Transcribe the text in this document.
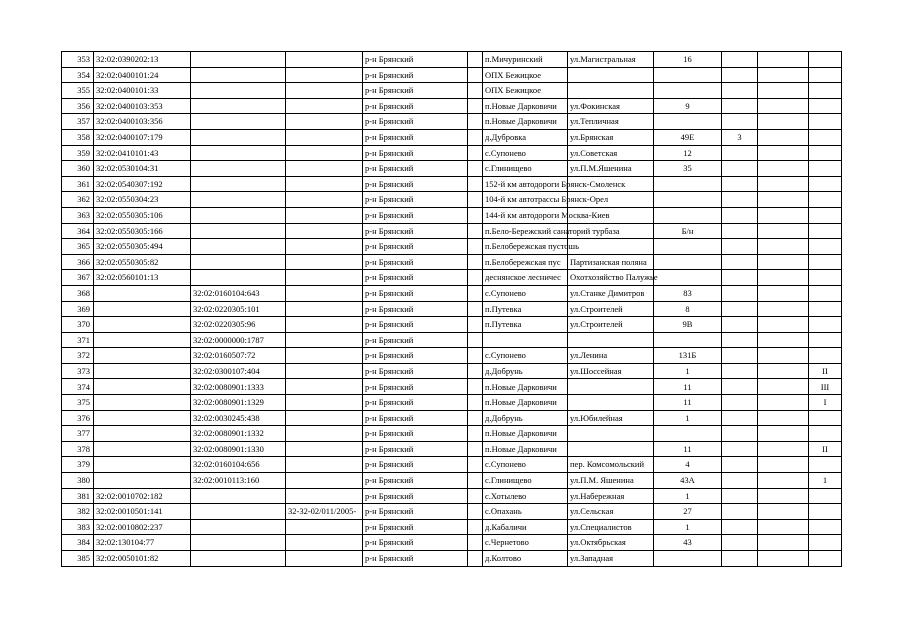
353	32:02:0390202:13			р-н Брянский		п.Мичуринский	ул.Магистральная	16			
354	32:02:0400101:24			р-н Брянский		ОПХ Бежицкое					
355	32:02:0400101:33			р-н Брянский		ОПХ Бежицкое					
356	32:02:0400103:353			р-н Брянский		п.Новые Дарковичи	ул.Фокинская	9			
357	32:02:0400103:356			р-н Брянский		п.Новые Дарковичи	ул.Тепличная				
358	32:02:0400107:179			р-н Брянский		д.Дубровка	ул.Брянская	49Е	3		
359	32:02:0410101:43			р-н Брянский		с.Супонево	ул.Советская	12			
360	32:02:0530104:31			р-н Брянский		с.Глинищево	ул.П.М.Яшенина	35			
361	32:02:0540307:192			р-н Брянский		152-й км автодороги Брянск-Смоленск					
362	32:02:0550304:23			р-н Брянский		104-й км автотрассы Брянск-Орел					
363	32:02:0550305:106			р-н Брянский		144-й км автодороги Москва-Киев					
364	32:02:0550305:166			р-н Брянский		п.Бело-Бережский санаторий турбаза		Б/н			
365	32:02:0550305:494			р-н Брянский		п.Белобережская пустошь					
366	32:02:0550305:82			р-н Брянский		п.Белобережская пус	Партизанская поляна				
367	32:02:0560101:13			р-н Брянский		деснянское лесничес	Охотхозяйство Палужье				
368		32:02:0160104:643		р-н Брянский		с.Супонево	ул.Станке Димитров	83			
369		32:02:0220305:101		р-н Брянский		п.Путевка	ул.Строителей	8			
370		32:02:0220305:96		р-н Брянский		п.Путевка	ул.Строителей	9В			
371		32:02:0000000:1787		р-н Брянский							
372		32:02:0160507:72		р-н Брянский		с.Супонево	ул.Ленина	131Б			
373		32:02:0300107:404		р-н Брянский		д.Добрунь	ул.Шоссейная	1			II
374		32:02:0080901:1333		р-н Брянский		п.Новые Дарковичи		11			III
375		32:02:0080901:1329		р-н Брянский		п.Новые Дарковичи		11			I
376		32:02:0030245:438		р-н Брянский		д.Добрунь	ул.Юбилейная	1			
377		32:02:0080901:1332		р-н Брянский		п.Новые Дарковичи					
378		32:02:0080901:1330		р-н Брянский		п.Новые Дарковичи		11			II
379		32:02:0160104:656		р-н Брянский		с.Супонево	пер. Комсомольский	4			
380		32:02:0010113:160		р-н Брянский		с.Глинищево	ул.П.М. Яшенина	43А			1
381	32:02:0010702:182			р-н Брянский		с.Хотылево	ул.Набережная	1			
382	32:02:0010501:141		32-32-02/011/2005-	р-н Брянский		с.Опахань	ул.Сельская	27			
383	32:02:0010802:237			р-н Брянский		д.Кабаличи	ул.Специалистов	1			
384	32:02:130104:77			р-н Брянский		с.Чернетово	ул.Октябрьская	43			
385	32:02:0050101:82			р-н Брянский		д.Колтово	ул.Западная				
